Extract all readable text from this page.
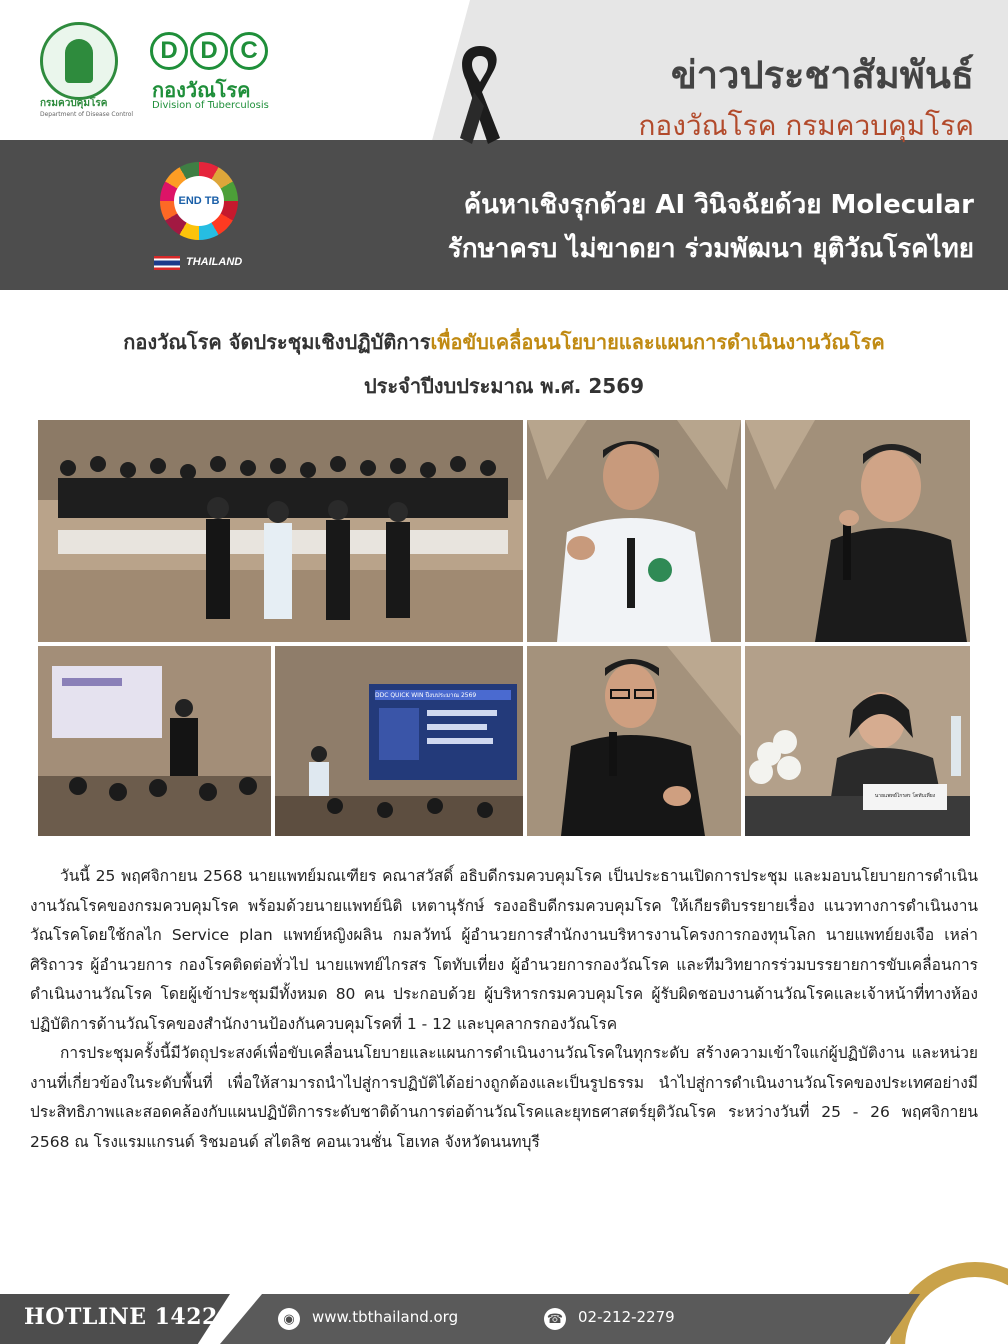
กรมควบคุมโรค
Department of Disease Control
D D C
กองวัณโรค
Division of Tuberculosis
ข่าวประชาสัมพันธ์
กองวัณโรค กรมควบคุมโรค
END TB
THAILAND
ค้นหาเชิงรุกด้วย AI วินิจฉัยด้วย Molecular
รักษาครบ ไม่ขาดยา ร่วมพัฒนา ยุติวัณโรคไทย
กองวัณโรค จัดประชุมเชิงปฏิบัติการเพื่อขับเคลื่อนนโยบายและแผนการดำเนินงานวัณโรค
ประจำปีงบประมาณ พ.ศ. 2569
DDC QUICK WIN ปีงบประมาณ 2569
นายแพทย์ไกรสร โตทับเที่ยง

วันนี้ 25 พฤศจิกายน 2568 นายแพทย์มณเฑียร คณาสวัสดิ์ อธิบดีกรมควบคุมโรค เป็นประธานเปิดการประชุม และมอบนโยบายการดำเนินงานวัณโรคของกรมควบคุมโรค พร้อมด้วยนายแพทย์นิติ เหตานุรักษ์ รองอธิบดีกรมควบคุมโรค ให้เกียรติบรรยายเรื่อง แนวทางการดำเนินงานวัณโรคโดยใช้กลไก Service plan แพทย์หญิงผลิน กมลวัทน์ ผู้อำนวยการสำนักงานบริหารงานโครงการกองทุนโลก นายแพทย์ยงเจือ เหล่าศิริถาวร ผู้อำนวยการ กองโรคติดต่อทั่วไป นายแพทย์ไกรสร โตทับเที่ยง ผู้อำนวยการกองวัณโรค และทีมวิทยากรร่วมบรรยายการขับเคลื่อนการดำเนินงานวัณโรค โดยผู้เข้าประชุมมีทั้งหมด 80 คน ประกอบด้วย ผู้บริหารกรมควบคุมโรค ผู้รับผิดชอบงานด้านวัณโรคและเจ้าหน้าที่ทางห้องปฏิบัติการด้านวัณโรคของสำนักงานป้องกันควบคุมโรคที่ 1 - 12 และบุคลากรกองวัณโรค

การประชุมครั้งนี้มีวัตถุประสงค์เพื่อขับเคลื่อนนโยบายและแผนการดำเนินงานวัณโรคในทุกระดับ สร้างความเข้าใจแก่ผู้ปฏิบัติงาน และหน่วยงานที่เกี่ยวข้องในระดับพื้นที่ เพื่อให้สามารถนำไปสู่การปฏิบัติได้อย่างถูกต้องและเป็นรูปธรรม นำไปสู่การดำเนินงานวัณโรคของประเทศอย่างมีประสิทธิภาพและสอดคล้องกับแผนปฏิบัติการระดับชาติด้านการต่อต้านวัณโรคและยุทธศาสตร์ยุติวัณโรค ระหว่างวันที่ 25 - 26 พฤศจิกายน 2568 ณ โรงแรมแกรนด์ ริชมอนด์ สไตลิช คอนเวนชั่น โฮเทล จังหวัดนนทบุรี

HOTLINE 1422	◉	www.tbthailand.org	☎ 02-212-2279
